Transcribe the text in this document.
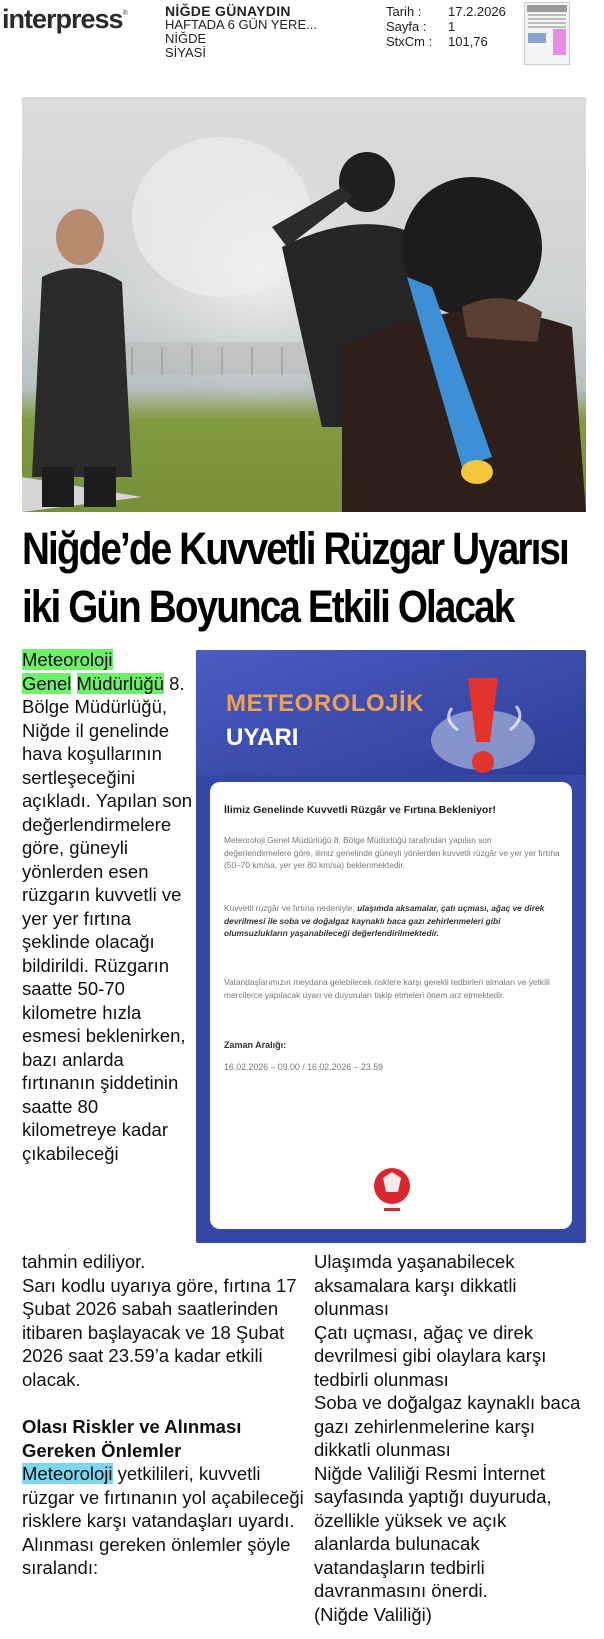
interpress®	NİĞDE GÜNAYDIN
HAFTADA 6 GÜN YERE...
NİĞDE
SİYASİ
Tarih :	17.2.2026
Sayfa :	1
StxCm :	101,76
Niğde’de Kuvvetli Rüzgar Uyarısı
iki Gün Boyunca Etkili Olacak

Meteoroloji
Genel Müdürlüğü 8. Bölge Müdürlüğü, Niğde il genelinde hava koşullarının sertleşeceğini açıkladı. Yapılan son değerlendirmelere göre, güneyli yönlerden esen rüzgarın kuvvetli ve yer yer fırtına şeklinde olacağı bildirildi. Rüzgarın saatte 50-70 kilometre hızla esmesi beklenirken, bazı anlarda fırtınanın şiddetinin saatte 80 kilometreye kadar çıkabileceği

tahmin ediliyor.

Sarı kodlu uyarıya göre, fırtına 17 Şubat 2026 sabah saatlerinden itibaren başlayacak ve 18 Şubat 2026 saat 23.59’a kadar etkili olacak.

Olası Riskler ve Alınması Gereken Önlemler

Meteoroloji yetkilileri, kuvvetli rüzgar ve fırtınanın yol açabileceği risklere karşı vatandaşları uyardı. Alınması gereken önlemler şöyle sıralandı:

Ulaşımda yaşanabilecek aksamalara karşı dikkatli olunması

Çatı uçması, ağaç ve direk devrilmesi gibi olaylara karşı tedbirli olunması

Soba ve doğalgaz kaynaklı baca gazı zehirlenmelerine karşı dikkatli olunması

Niğde Valiliği Resmi İnternet sayfasında yaptığı duyuruda, özellikle yüksek ve açık alanlarda bulunacak vatandaşların tedbirli davranmasını önerdi.

(Niğde Valiliği)

METEOROLOJİK
UYARI
İlimiz Genelinde Kuvvetli Rüzgâr ve Fırtına Bekleniyor!
Meteoroloji Genel Müdürlüğü 8. Bölge Müdürlüğü tarafından yapılan son değerlendirmelere göre, ilimiz genelinde güneyli yönlerden kuvvetli rüzgâr ve yer yer fırtına (50–70 km/sa, yer yer 80 km/sa) beklenmektedir.
Kuvvetli rüzgâr ve fırtına nedeniyle, ulaşımda aksamalar, çatı uçması, ağaç ve direk devrilmesi ile soba ve doğalgaz kaynaklı baca gazı zehirlenmeleri gibi olumsuzlukların yaşanabileceği değerlendirilmektedir.
Vatandaşlarımızın meydana gelebilecek risklere karşı gerekli tedbirleri almaları ve yetkili mercilerce yapılacak uyarı ve duyuruları takip etmeleri önem arz etmektedir.
Zaman Aralığı:
16.02.2026 – 09.00 / 16.02.2026 – 23.59
